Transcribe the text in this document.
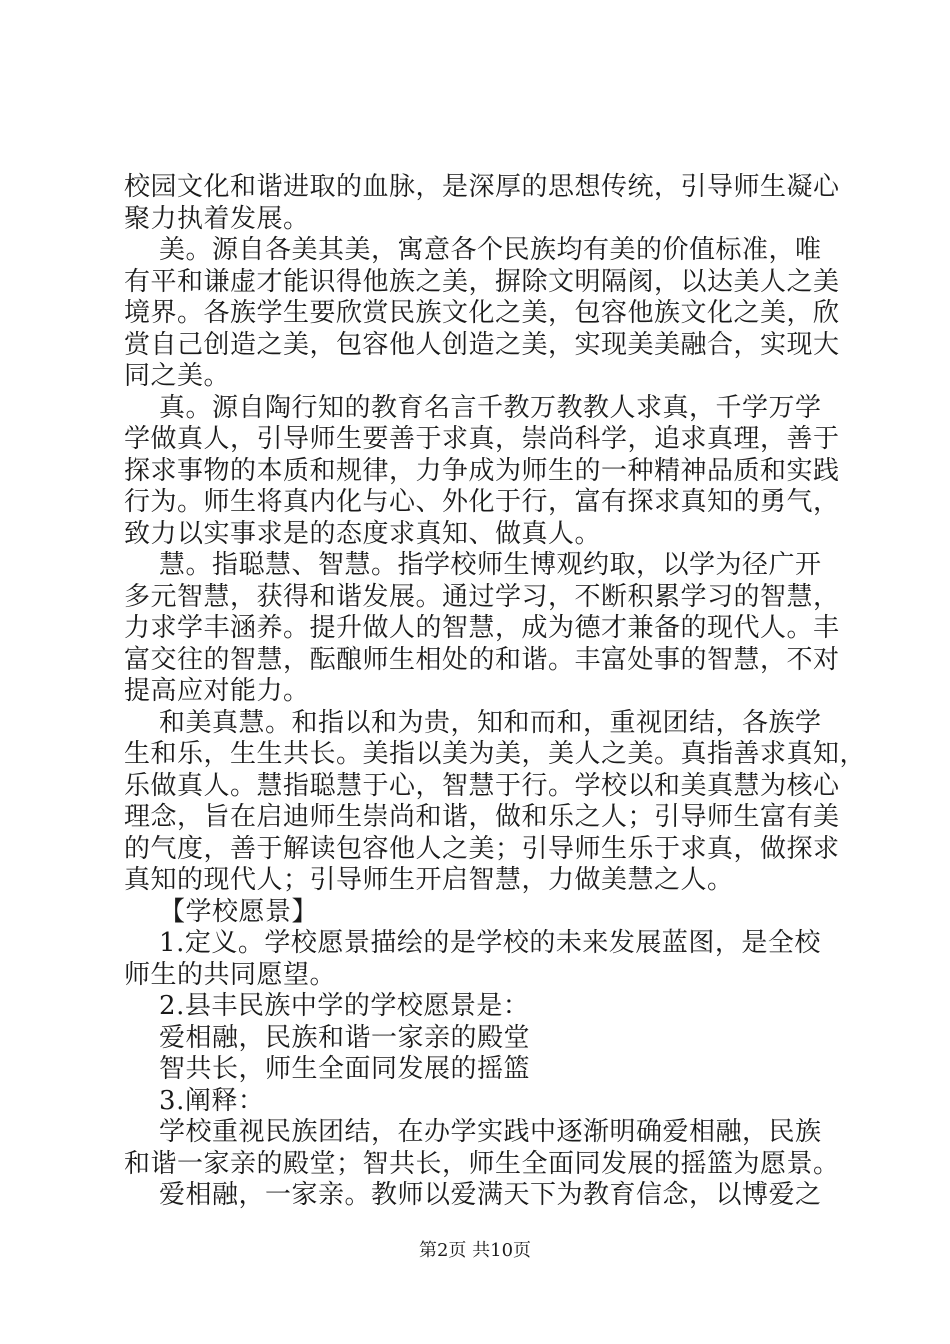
校园文化和谐进取的血脉，是深厚的思想传统，引导师生凝心
聚力执着发展。
美。源自各美其美，寓意各个民族均有美的价值标准，唯
有平和谦虚才能识得他族之美，摒除文明隔阂，以达美人之美
境界。各族学生要欣赏民族文化之美，包容他族文化之美，欣
赏自己创造之美，包容他人创造之美，实现美美融合，实现大
同之美。
真。源自陶行知的教育名言千教万教教人求真，千学万学
学做真人，引导师生要善于求真，崇尚科学，追求真理，善于
探求事物的本质和规律，力争成为师生的一种精神品质和实践
行为。师生将真内化与心、外化于行，富有探求真知的勇气，
致力以实事求是的态度求真知、做真人。
慧。指聪慧、智慧。指学校师生博观约取，以学为径广开
多元智慧，获得和谐发展。通过学习，不断积累学习的智慧，
力求学丰涵养。提升做人的智慧，成为德才兼备的现代人。丰
富交往的智慧，酝酿师生相处的和谐。丰富处事的智慧，不对
提高应对能力。
和美真慧。和指以和为贵，知和而和，重视团结，各族学
生和乐，生生共长。美指以美为美，美人之美。真指善求真知，
乐做真人。慧指聪慧于心，智慧于行。学校以和美真慧为核心
理念，旨在启迪师生崇尚和谐，做和乐之人；引导师生富有美
的气度，善于解读包容他人之美；引导师生乐于求真，做探求
真知的现代人；引导师生开启智慧，力做美慧之人。
【学校愿景】
1.定义。学校愿景描绘的是学校的未来发展蓝图，是全校
师生的共同愿望。
2.县丰民族中学的学校愿景是：
爱相融，民族和谐一家亲的殿堂
智共长，师生全面同发展的摇篮
3.阐释：
学校重视民族团结，在办学实践中逐渐明确爱相融，民族
和谐一家亲的殿堂；智共长，师生全面同发展的摇篮为愿景。
爱相融，一家亲。教师以爱满天下为教育信念，以博爱之
第2页 共10页
